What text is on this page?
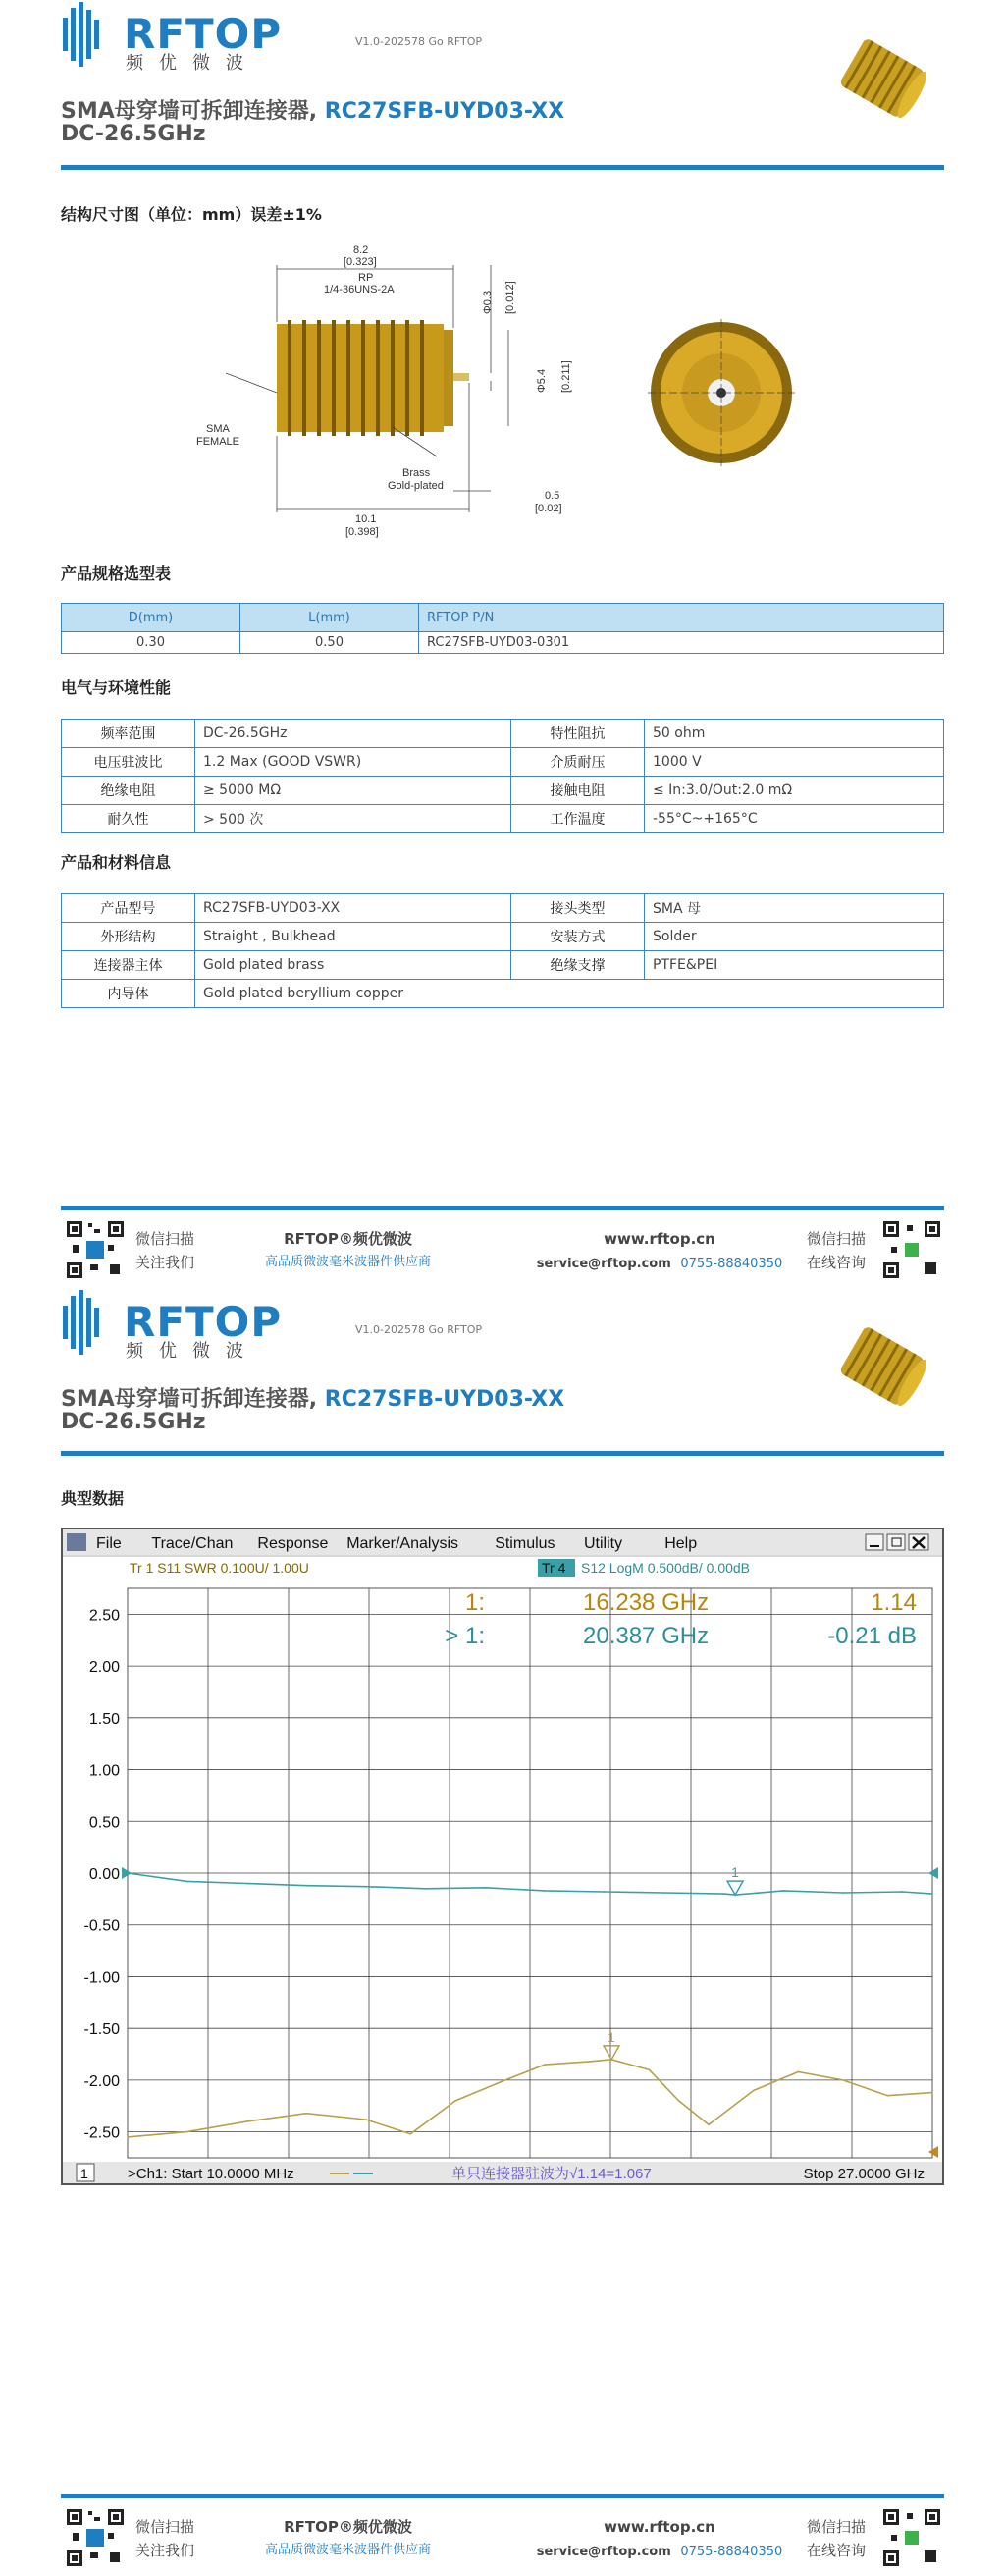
RFTOP
频优微波
V1.0-202578 Go RFTOP
SMA母穿墙可拆卸连接器, RC27SFB-UYD03-XX
DC-26.5GHz
结构尺寸图（单位：mm）误差±1%
8.2
[0.323]
RP
1/4-36UNS-2A
Φ0.3 [0.012]
Φ5.4 [0.211]
SMA
FEMALE
Brass
Gold-plated
10.1
[0.398]
0.5
[0.02]
产品规格选型表
D(mm)	L(mm)	RFTOP P/N
0.30	0.50	RC27SFB-UYD03-0301
电气与环境性能
频率范围	DC-26.5GHz	特性阻抗	50 ohm
电压驻波比	1.2 Max (GOOD VSWR)	介质耐压	1000 V
绝缘电阻	≥ 5000 MΩ	接触电阻	≤ In:3.0/Out:2.0 mΩ
耐久性	> 500 次	工作温度	-55°C~+165°C
产品和材料信息
产品型号	RC27SFB-UYD03-XX	接头类型	SMA 母
外形结构	Straight , Bulkhead	安装方式	Solder
连接器主体	Gold plated brass	绝缘支撑	PTFE&PEI
内导体	Gold plated beryllium copper		
微信扫描
关注我们
RFTOP®频优微波
高品质微波毫米波器件供应商
www.rftop.cn
service@rftop.com 0755-88840350
微信扫描
在线咨询
RFTOP
频优微波
V1.0-202578 Go RFTOP
SMA母穿墙可拆卸连接器, RC27SFB-UYD03-XX
DC-26.5GHz
典型数据
微信扫描
关注我们
RFTOP®频优微波
高品质微波毫米波器件供应商
www.rftop.cn
service@rftop.com 0755-88840350
微信扫描
在线咨询
File Trace/Chan Response Marker/Analysis Stimulus Utility	Help
Tr 1 S11 SWR 0.100U/ 1.00U	Tr 4 S12 LogM 0.500dB/ 0.00dB
2.50
2.00
1.50
1.00
0.50
0.00
-0.50
-1.00
-1.50
-2.00
-2.50
1
1
1:	16.238 GHz	1.14
> 1:	20.387 GHz	-0.21 dB
1	>Ch1: Start 10.0000 MHz	单只连接器驻波为√1.14=1.067	Stop 27.0000 GHz
